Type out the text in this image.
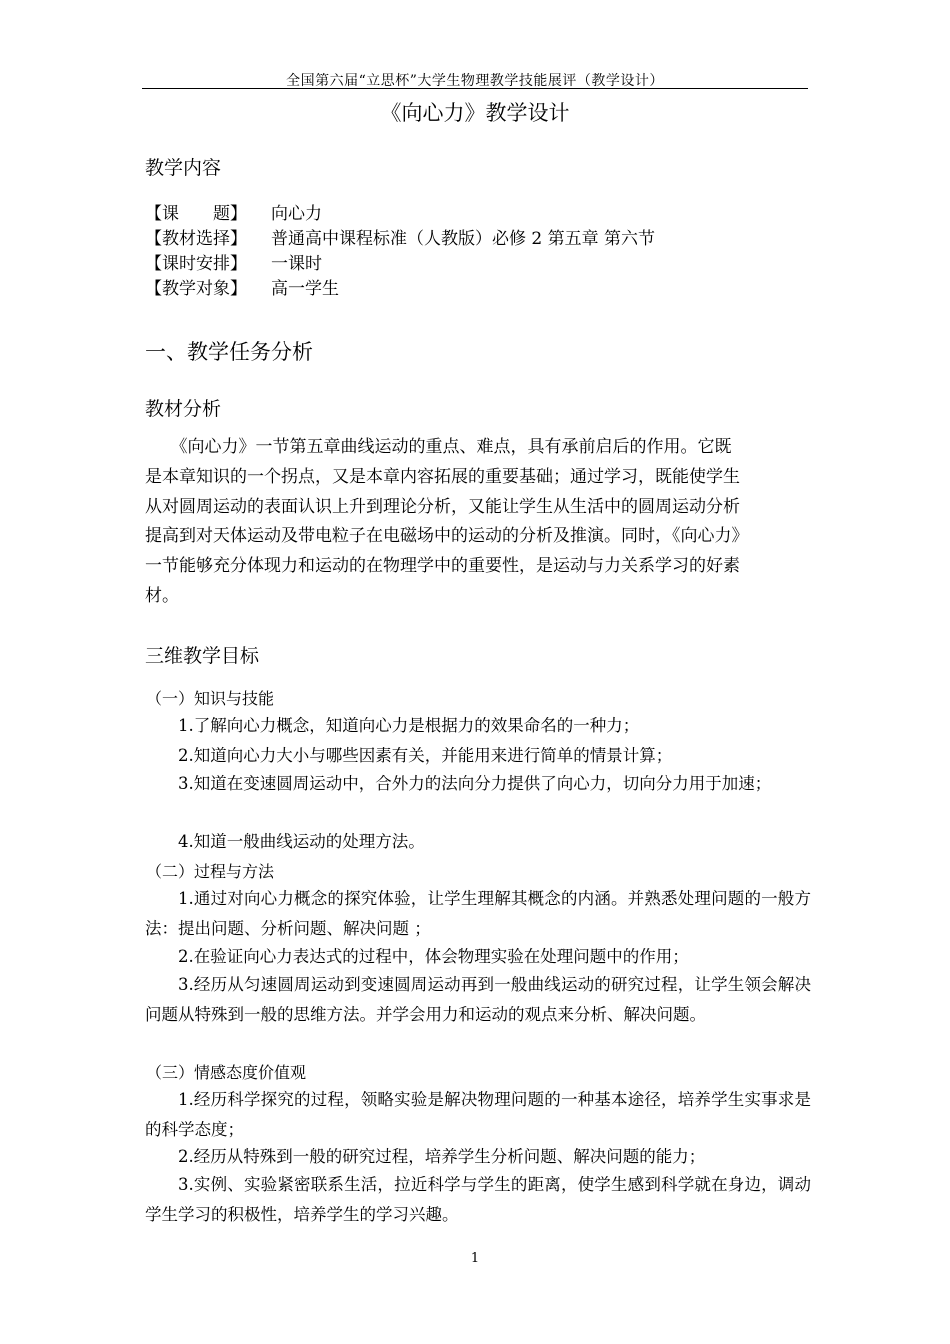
全国第六届“立思杯”大学生物理教学技能展评（教学设计）
《向心力》教学设计
教学内容
【课　　题】 向心力
【教材选择】 普通高中课程标准（人教版）必修 2 第五章 第六节
【课时安排】 一课时
【教学对象】 高一学生
一、教学任务分析
教材分析
　　《向心力》一节第五章曲线运动的重点、难点，具有承前启后的作用。它既
是本章知识的一个拐点，又是本章内容拓展的重要基础；通过学习，既能使学生
从对圆周运动的表面认识上升到理论分析，又能让学生从生活中的圆周运动分析
提高到对天体运动及带电粒子在电磁场中的运动的分析及推演。同时，《向心力》
一节能够充分体现力和运动的在物理学中的重要性，是运动与力关系学习的好素
材。
三维教学目标
（一）知识与技能
1.了解向心力概念，知道向心力是根据力的效果命名的一种力；
2.知道向心力大小与哪些因素有关，并能用来进行简单的情景计算；
3.知道在变速圆周运动中，合外力的法向分力提供了向心力，切向分力用于加速；
4.知道一般曲线运动的处理方法。
（二）过程与方法
1.通过对向心力概念的探究体验，让学生理解其概念的内涵。并熟悉处理问题的一般方法：提出问题、分析问题、解决问题 ；
2.在验证向心力表达式的过程中，体会物理实验在处理问题中的作用；
3.经历从匀速圆周运动到变速圆周运动再到一般曲线运动的研究过程，让学生领会解决问题从特殊到一般的思维方法。并学会用力和运动的观点来分析、解决问题。
（三）情感态度价值观
1.经历科学探究的过程，领略实验是解决物理问题的一种基本途径，培养学生实事求是的科学态度；
2.经历从特殊到一般的研究过程，培养学生分析问题、解决问题的能力；
3.实例、实验紧密联系生活，拉近科学与学生的距离，使学生感到科学就在身边，调动学生学习的积极性，培养学生的学习兴趣。
1
